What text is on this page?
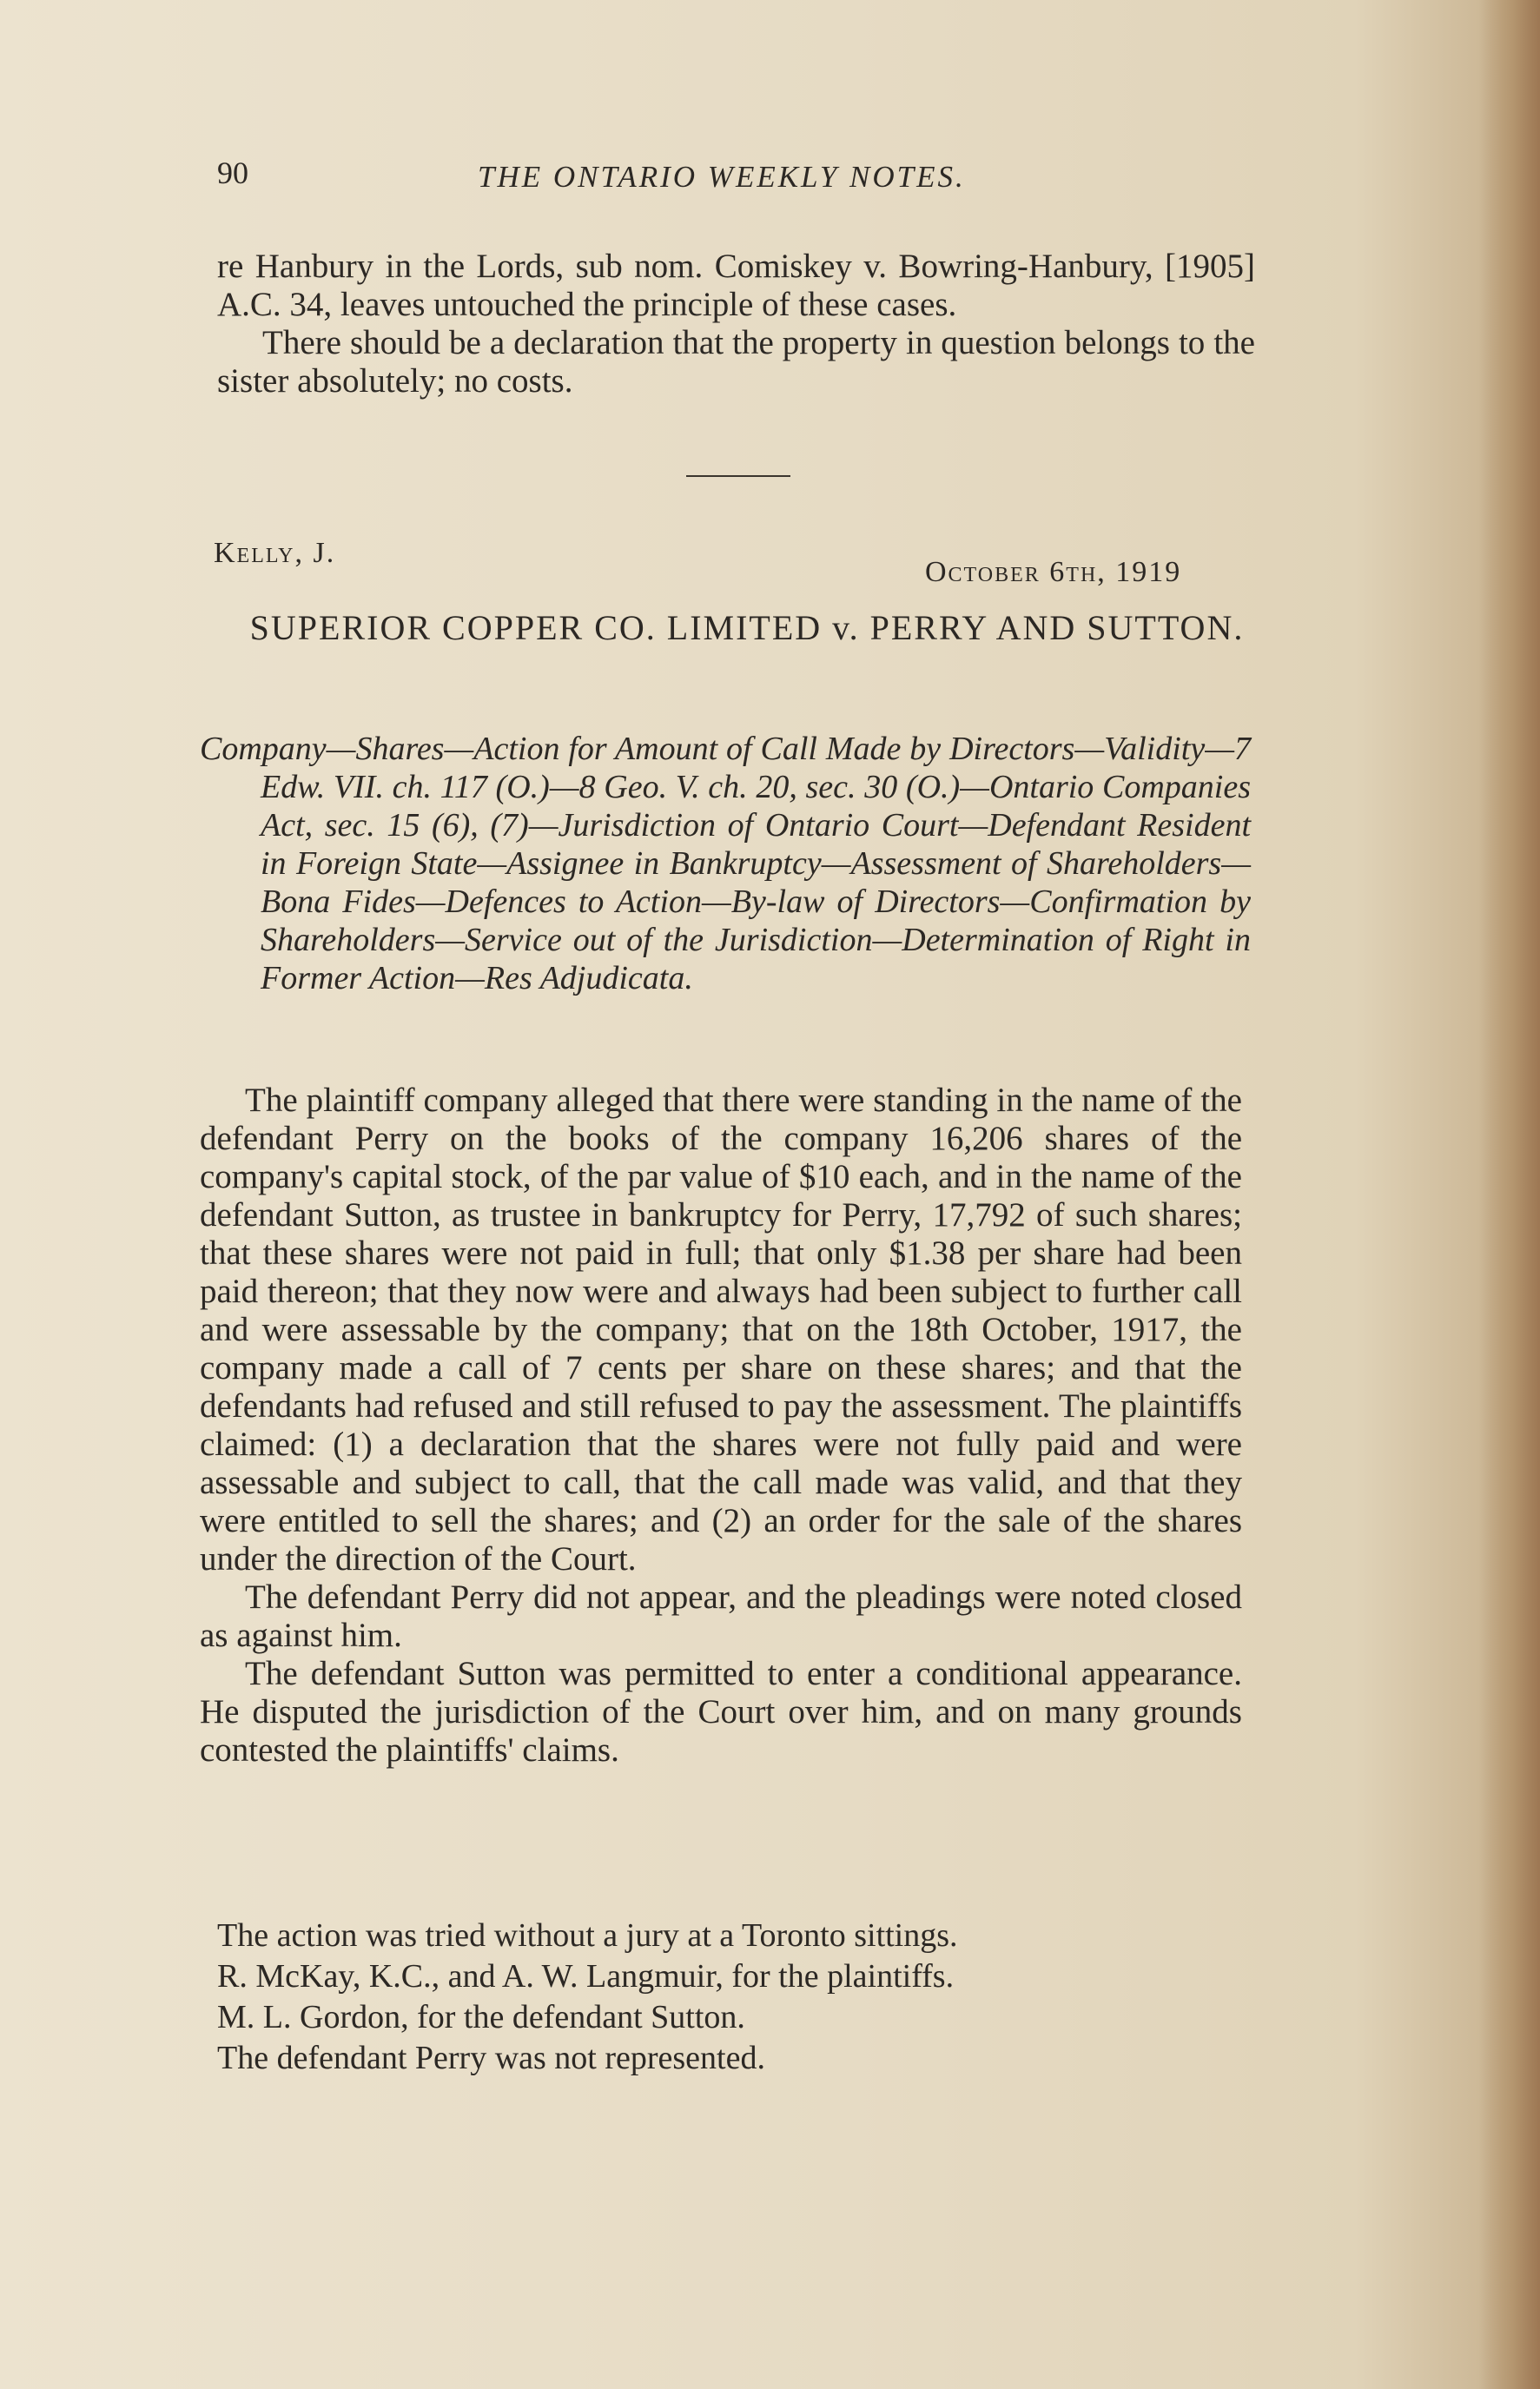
90	THE ONTARIO WEEKLY NOTES.

re Hanbury in the Lords, sub nom. Comiskey v. Bowring-Hanbury, [1905] A.C. 34, leaves untouched the principle of these cases.

There should be a declaration that the property in question belongs to the sister absolutely; no costs.

Kelly, J.
October 6th, 1919
SUPERIOR COPPER CO. LIMITED v. PERRY AND SUTTON.
Company—Shares—Action for Amount of Call Made by Directors—Validity—7 Edw. VII. ch. 117 (O.)—8 Geo. V. ch. 20, sec. 30 (O.)—Ontario Companies Act, sec. 15 (6), (7)—Jurisdiction of Ontario Court—Defendant Resident in Foreign State—Assignee in Bankruptcy—Assessment of Shareholders—Bona Fides—Defences to Action—By-law of Directors—Confirmation by Shareholders—Service out of the Jurisdiction—Determination of Right in Former Action—Res Adjudicata.

The plaintiff company alleged that there were standing in the name of the defendant Perry on the books of the company 16,206 shares of the company's capital stock, of the par value of $10 each, and in the name of the defendant Sutton, as trustee in bankruptcy for Perry, 17,792 of such shares; that these shares were not paid in full; that only $1.38 per share had been paid thereon; that they now were and always had been subject to further call and were assessable by the company; that on the 18th October, 1917, the company made a call of 7 cents per share on these shares; and that the defendants had refused and still refused to pay the assessment. The plaintiffs claimed: (1) a declaration that the shares were not fully paid and were assessable and subject to call, that the call made was valid, and that they were entitled to sell the shares; and (2) an order for the sale of the shares under the direction of the Court.

The defendant Perry did not appear, and the pleadings were noted closed as against him.

The defendant Sutton was permitted to enter a conditional appearance. He disputed the jurisdiction of the Court over him, and on many grounds contested the plaintiffs' claims.

The action was tried without a jury at a Toronto sittings.

R. McKay, K.C., and A. W. Langmuir, for the plaintiffs.

M. L. Gordon, for the defendant Sutton.

The defendant Perry was not represented.
